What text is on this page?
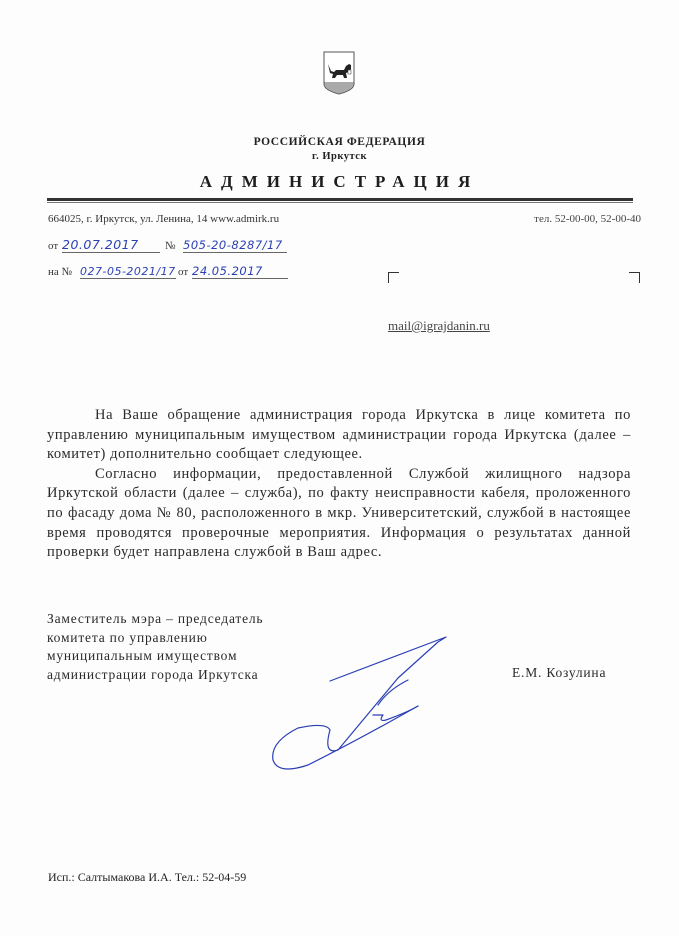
РОССИЙСКАЯ ФЕДЕРАЦИЯ
г. Иркутск
АДМИНИСТРАЦИЯ
664025, г. Иркутск, ул. Ленина, 14 www.admirk.ru	тел. 52-00-00, 52-00-40
от 20.07.2017	№ 505-20-8287/17
на № 027-05-2021/17 от 24.05.2017
mail@igrajdanin.ru

На Ваше обращение администрация города Иркутска в лице комитета по управлению муниципальным имуществом администрации города Иркутска (далее – комитет) дополнительно сообщает следующее.

Согласно информации, предоставленной Службой жилищного надзора Иркутской области (далее – служба), по факту неисправности кабеля, проложенного по фасаду дома № 80, расположенного в мкр. Университетский, службой в настоящее время проводятся проверочные мероприятия. Информация о результатах данной проверки будет направлена службой в Ваш адрес.

Заместитель мэра – председатель
комитета по управлению
муниципальным имуществом
администрации города Иркутска	Е.М. Козулина
Исп.: Салтымакова И.А. Тел.: 52-04-59
